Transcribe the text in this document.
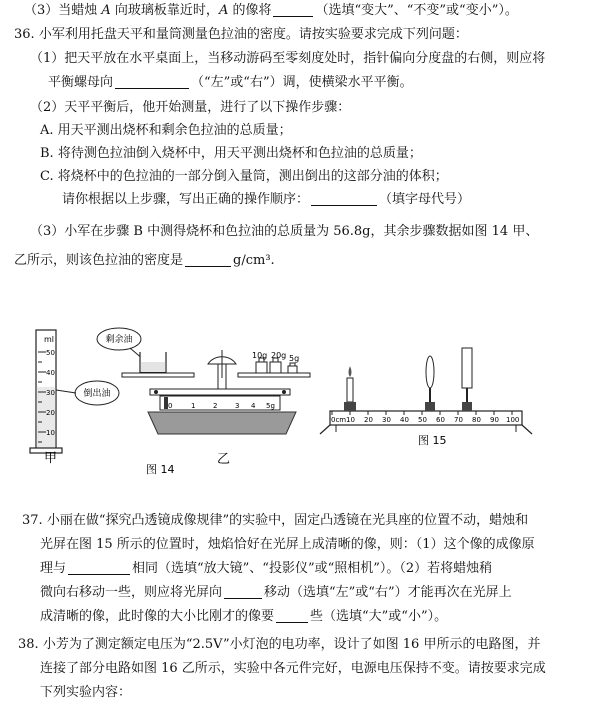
（3）当蜡烛 A 向玻璃板靠近时，A 的像将	（选填“变大”、“不变”或“变小”）。
36. 小军利用托盘天平和量筒测量色拉油的密度。请按实验要求完成下列问题：
（1）把天平放在水平桌面上，当移动游码至零刻度处时，指针偏向分度盘的右侧，则应将
平衡螺母向	（“左”或“右”）调，使横梁水平平衡。
（2）天平平衡后，他开始测量，进行了以下操作步骤：
A. 用天平测出烧杯和剩余色拉油的总质量；
B. 将待测色拉油倒入烧杯中，用天平测出烧杯和色拉油的总质量；
C. 将烧杯中的色拉油的一部分倒入量筒，测出倒出的这部分油的体积；
请你根据以上步骤，写出正确的操作顺序：	（填字母代号）
（3）小军在步骤 B 中测得烧杯和色拉油的总质量为 56.8g，其余步骤数据如图 14 甲、
乙所示，则该色拉油的密度是	g/cm³.
ml
50
40
30
20
10
倒出油
甲
剩余油
10g 20g 5g
0	1	2	3 4 5g
图 14
乙
0cm 10 20 30 40 50 60 70 80 90 100
图 15
37. 小丽在做“探究凸透镜成像规律”的实验中，固定凸透镜在光具座的位置不动，蜡烛和
光屏在图 15 所示的位置时，烛焰恰好在光屏上成清晰的像，则：（1）这个像的成像原
理与	相同（选填“放大镜”、“投影仪”或“照相机”）。（2）若将蜡烛稍
微向右移动一些，则应将光屏向	移动（选填“左”或“右”）才能再次在光屏上
成清晰的像，此时像的大小比刚才的像要	些（选填“大”或“小”）。
38. 小芳为了测定额定电压为“2.5V”小灯泡的电功率，设计了如图 16 甲所示的电路图，并
连接了部分电路如图 16 乙所示，实验中各元件完好，电源电压保持不变。请按要求完成
下列实验内容：
